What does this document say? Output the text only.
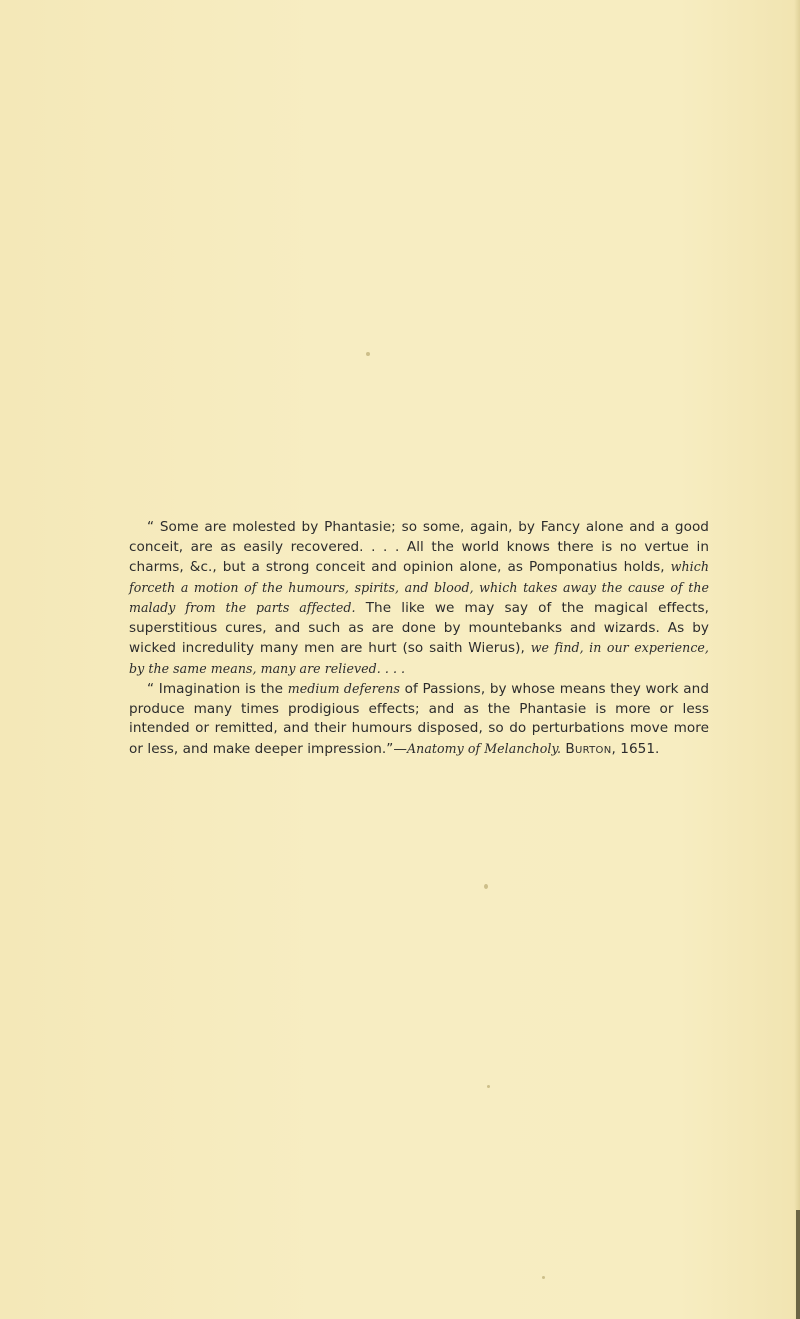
“ Some are molested by Phantasie; so some, again, by Fancy alone and a good conceit, are as easily recovered. . . . All the world knows there is no vertue in charms, &c., but a strong conceit and opinion alone, as Pomponatius holds, which forceth a motion of the humours, spirits, and blood, which takes away the cause of the malady from the parts affected. The like we may say of the magical effects, superstitious cures, and such as are done by mountebanks and wizards. As by wicked incredulity many men are hurt (so saith Wierus), we find, in our experience, by the same means, many are relieved. . . .

“ Imagination is the medium deferens of Passions, by whose means they work and produce many times prodigious effects; and as the Phantasie is more or less intended or remitted, and their humours disposed, so do perturbations move more or less, and make deeper impression.”—Anatomy of Melancholy. Burton, 1651.
